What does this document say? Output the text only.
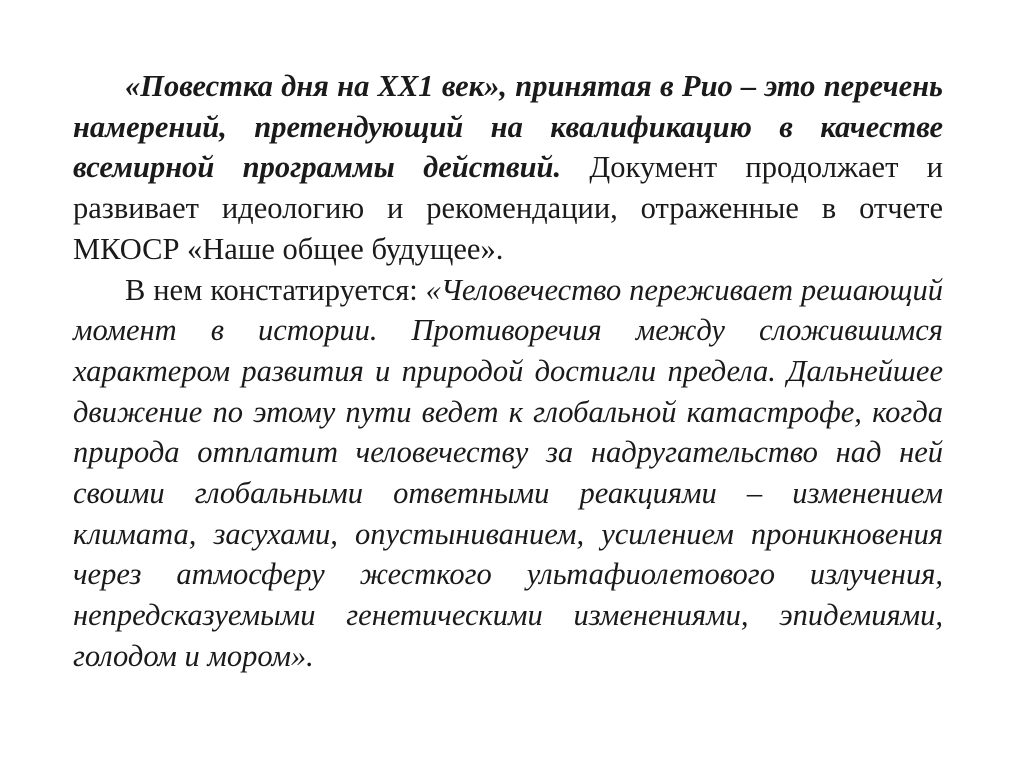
«Повестка дня на XX1 век», принятая в Рио – это перечень намерений, претендующий на квалификацию в качестве всемирной программы действий. Документ продолжает и развивает идеологию и рекомендации, отраженные в отчете МКОСР «Наше общее будущее».

В нем констатируется: «Человечество переживает решающий момент в истории. Противоречия между сложившимся характером развития и природой достигли предела. Дальнейшее движение по этому пути ведет к глобальной катастрофе, когда природа отплатит человечеству за надругательство над ней своими глобальными ответными реакциями – изменением климата, засухами, опустыниванием, усилением проникновения через атмосферу жесткого ультафиолетового излучения, непредсказуемыми генетическими изменениями, эпидемиями, голодом и мором».
